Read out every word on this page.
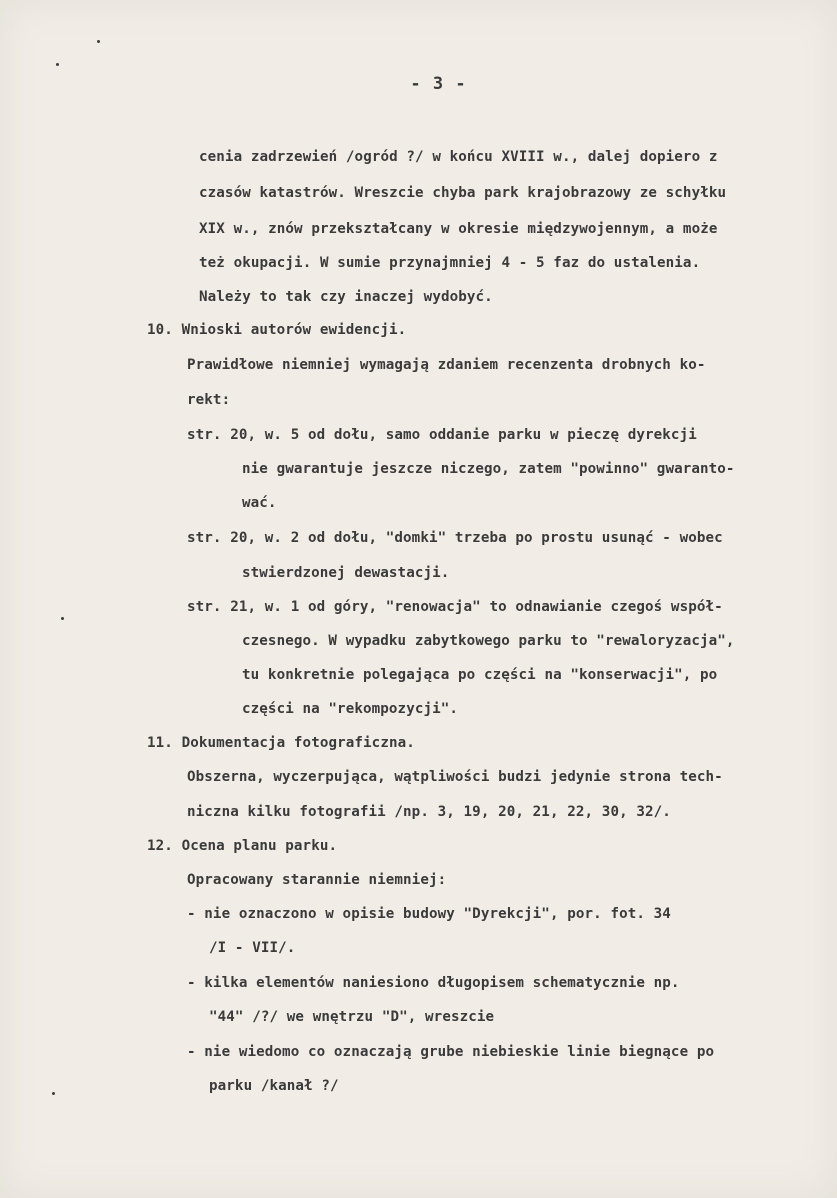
- 3 -
cenia zadrzewień /ogród ?/ w końcu XVIII w., dalej dopiero z
czasów katastrów. Wreszcie chyba park krajobrazowy ze schyłku
XIX w., znów przekształcany w okresie międzywojennym, a może
też okupacji. W sumie przynajmniej 4 - 5 faz do ustalenia.
Należy to tak czy inaczej wydobyć.
10. Wnioski autorów ewidencji.
Prawidłowe niemniej wymagają zdaniem recenzenta drobnych ko-
rekt:
str. 20, w. 5 od dołu, samo oddanie parku w pieczę dyrekcji
nie gwarantuje jeszcze niczego, zatem "powinno" gwaranto-
wać.
str. 20, w. 2 od dołu, "domki" trzeba po prostu usunąć - wobec
stwierdzonej dewastacji.
str. 21, w. 1 od góry, "renowacja" to odnawianie czegoś współ-
czesnego. W wypadku zabytkowego parku to "rewaloryzacja",
tu konkretnie polegająca po części na "konserwacji", po
części na "rekompozycji".
11. Dokumentacja fotograficzna.
Obszerna, wyczerpująca, wątpliwości budzi jedynie strona tech-
niczna kilku fotografii /np. 3, 19, 20, 21, 22, 30, 32/.
12. Ocena planu parku.
Opracowany starannie niemniej:
- nie oznaczono w opisie budowy "Dyrekcji", por. fot. 34
/I - VII/.
- kilka elementów naniesiono długopisem schematycznie np.
"44" /?/ we wnętrzu "D", wreszcie
- nie wiedomo co oznaczają grube niebieskie linie biegnące po
parku /kanał ?/
